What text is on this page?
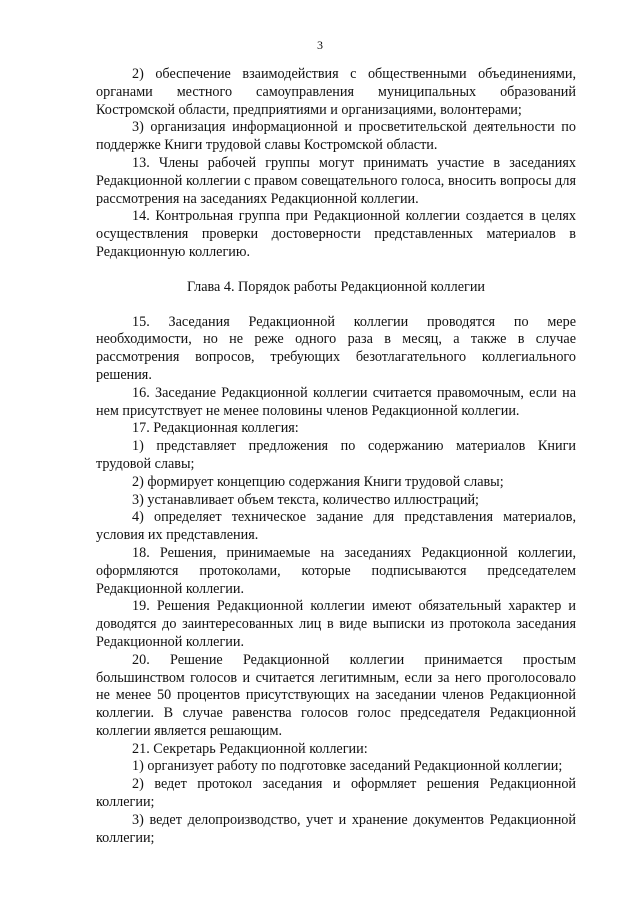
3

2) обеспечение взаимодействия с общественными объединениями, органами местного самоуправления муниципальных образований Костромской области, предприятиями и организациями, волонтерами;

3) организация информационной и просветительской деятельности по поддержке Книги трудовой славы Костромской области.

13. Члены рабочей группы могут принимать участие в заседаниях Редакционной коллегии с правом совещательного голоса, вносить вопросы для рассмотрения на заседаниях Редакционной коллегии.

14. Контрольная группа при Редакционной коллегии создается в целях осуществления проверки достоверности представленных материалов в Редакционную коллегию.

Глава 4. Порядок работы Редакционной коллегии

15. Заседания Редакционной коллегии проводятся по мере необходимости, но не реже одного раза в месяц, а также в случае рассмотрения вопросов, требующих безотлагательного коллегиального решения.

16. Заседание Редакционной коллегии считается правомочным, если на нем присутствует не менее половины членов Редакционной коллегии.

17. Редакционная коллегия:

1) представляет предложения по содержанию материалов Книги трудовой славы;

2) формирует концепцию содержания Книги трудовой славы;

3) устанавливает объем текста, количество иллюстраций;

4) определяет техническое задание для представления материалов, условия их представления.

18. Решения, принимаемые на заседаниях Редакционной коллегии, оформляются протоколами, которые подписываются председателем Редакционной коллегии.

19. Решения Редакционной коллегии имеют обязательный характер и доводятся до заинтересованных лиц в виде выписки из протокола заседания Редакционной коллегии.

20. Решение Редакционной коллегии принимается простым большинством голосов и считается легитимным, если за него проголосовало не менее 50 процентов присутствующих на заседании членов Редакционной коллегии. В случае равенства голосов голос председателя Редакционной коллегии является решающим.

21. Секретарь Редакционной коллегии:

1) организует работу по подготовке заседаний Редакционной коллегии;

2) ведет протокол заседания и оформляет решения Редакционной коллегии;

3) ведет делопроизводство, учет и хранение документов Редакционной коллегии;
